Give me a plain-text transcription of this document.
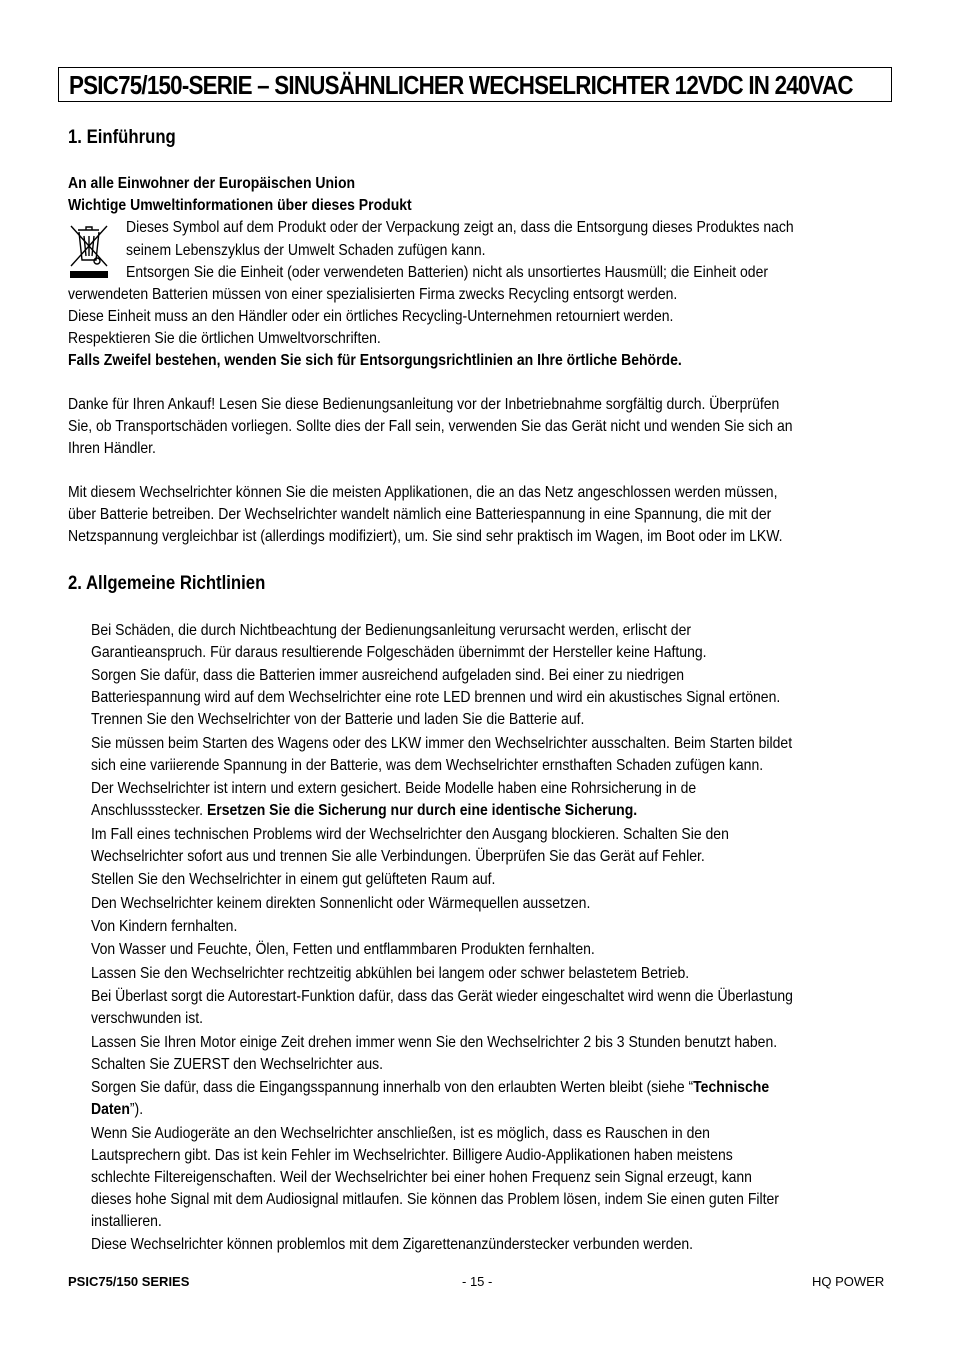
PSIC75/150-SERIE – SINUSÄHNLICHER WECHSELRICHTER 12VDC IN 240VAC
1. Einführung
An alle Einwohner der Europäischen Union
Wichtige Umweltinformationen über dieses Produkt
Dieses Symbol auf dem Produkt oder der Verpackung zeigt an, dass die Entsorgung dieses Produktes nach
seinem Lebenszyklus der Umwelt Schaden zufügen kann.
Entsorgen Sie die Einheit (oder verwendeten Batterien) nicht als unsortiertes Hausmüll; die Einheit oder
verwendeten Batterien müssen von einer spezialisierten Firma zwecks Recycling entsorgt werden.
Diese Einheit muss an den Händler oder ein örtliches Recycling-Unternehmen retourniert werden.
Respektieren Sie die örtlichen Umweltvorschriften.
Falls Zweifel bestehen, wenden Sie sich für Entsorgungsrichtlinien an Ihre örtliche Behörde.
Danke für Ihren Ankauf! Lesen Sie diese Bedienungsanleitung vor der Inbetriebnahme sorgfältig durch. Überprüfen
Sie, ob Transportschäden vorliegen. Sollte dies der Fall sein, verwenden Sie das Gerät nicht und wenden Sie sich an
Ihren Händler.
Mit diesem Wechselrichter können Sie die meisten Applikationen, die an das Netz angeschlossen werden müssen,
über Batterie betreiben. Der Wechselrichter wandelt nämlich eine Batteriespannung in eine Spannung, die mit der
Netzspannung vergleichbar ist (allerdings modifiziert), um. Sie sind sehr praktisch im Wagen, im Boot oder im LKW.
2. Allgemeine Richtlinien
Bei Schäden, die durch Nichtbeachtung der Bedienungsanleitung verursacht werden, erlischt der
Garantieanspruch. Für daraus resultierende Folgeschäden übernimmt der Hersteller keine Haftung.
Sorgen Sie dafür, dass die Batterien immer ausreichend aufgeladen sind. Bei einer zu niedrigen
Batteriespannung wird auf dem Wechselrichter eine rote LED brennen und wird ein akustisches Signal ertönen.
Trennen Sie den Wechselrichter von der Batterie und laden Sie die Batterie auf.
Sie müssen beim Starten des Wagens oder des LKW immer den Wechselrichter ausschalten. Beim Starten bildet
sich eine variierende Spannung in der Batterie, was dem Wechselrichter ernsthaften Schaden zufügen kann.
Der Wechselrichter ist intern und extern gesichert. Beide Modelle haben eine Rohrsicherung in de
Anschlussstecker. Ersetzen Sie die Sicherung nur durch eine identische Sicherung.
Im Fall eines technischen Problems wird der Wechselrichter den Ausgang blockieren. Schalten Sie den
Wechselrichter sofort aus und trennen Sie alle Verbindungen. Überprüfen Sie das Gerät auf Fehler.
Stellen Sie den Wechselrichter in einem gut gelüfteten Raum auf.
Den Wechselrichter keinem direkten Sonnenlicht oder Wärmequellen aussetzen.
Von Kindern fernhalten.
Von Wasser und Feuchte, Ölen, Fetten und entflammbaren Produkten fernhalten.
Lassen Sie den Wechselrichter rechtzeitig abkühlen bei langem oder schwer belastetem Betrieb.
Bei Überlast sorgt die Autorestart-Funktion dafür, dass das Gerät wieder eingeschaltet wird wenn die Überlastung
verschwunden ist.
Lassen Sie Ihren Motor einige Zeit drehen immer wenn Sie den Wechselrichter 2 bis 3 Stunden benutzt haben.
Schalten Sie ZUERST den Wechselrichter aus.
Sorgen Sie dafür, dass die Eingangsspannung innerhalb von den erlaubten Werten bleibt (siehe “Technische
Daten”).
Wenn Sie Audiogeräte an den Wechselrichter anschließen, ist es möglich, dass es Rauschen in den
Lautsprechern gibt. Das ist kein Fehler im Wechselrichter. Billigere Audio-Applikationen haben meistens
schlechte Filtereigenschaften. Weil der Wechselrichter bei einer hohen Frequenz sein Signal erzeugt, kann
dieses hohe Signal mit dem Audiosignal mitlaufen. Sie können das Problem lösen, indem Sie einen guten Filter
installieren.
Diese Wechselrichter können problemlos mit dem Zigarettenanzünderstecker verbunden werden.
PSIC75/150 SERIES	- 15 -	HQ POWER
